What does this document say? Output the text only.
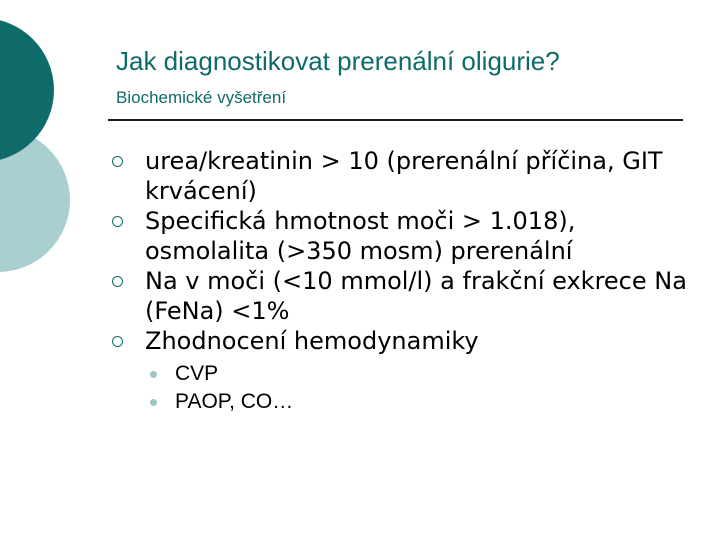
Jak diagnostikovat prerenální oligurie?
Biochemické vyšetření
urea/kreatinin > 10 (prerenální příčina, GIT krvácení)
Specifická hmotnost moči > 1.018), osmolalita (>350 mosm) prerenální
Na v moči (<10 mmol/l) a frakční exkrece Na (FeNa) <1%
Zhodnocení hemodynamiky
CVP
PAOP, CO…
